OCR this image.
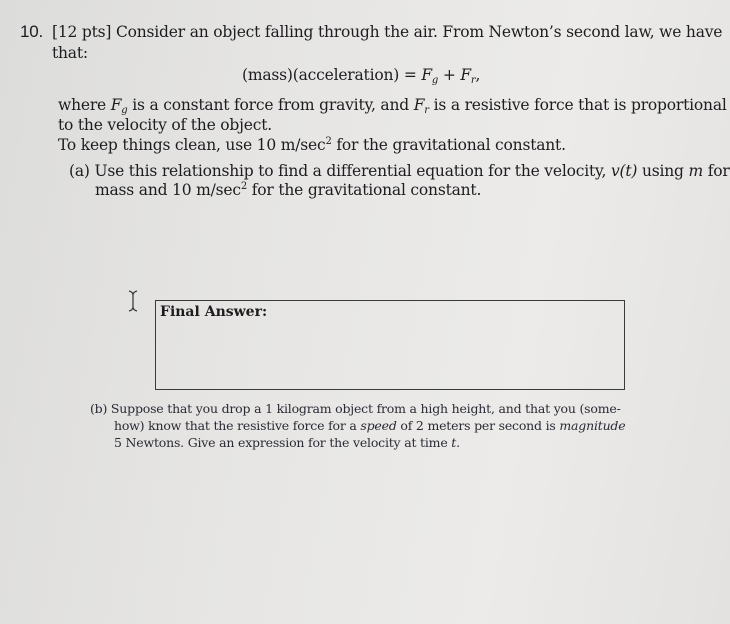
10. [12 pts] Consider an object falling through the air. From Newton’s second law, we have
that:
(mass)(acceleration) = $F_g + F_r$,
where $F_g$ is a constant force from gravity, and $F_r$ is a resistive force that is proportional
to the velocity of the object.
To keep things clean, use 10 $m/\sec^2$ for the gravitational constant.
(a) Use this relationship to find a differential equation for the velocity, v(t) using m for
mass and 10 $m/\sec^2$ for the gravitational constant.
Final Answer:
(b) Suppose that you drop a 1 kilogram object from a high height, and that you (some-
how) know that the resistive force for a speed of 2 meters per second is magnitude
5 Newtons. Give an expression for the velocity at time t.
